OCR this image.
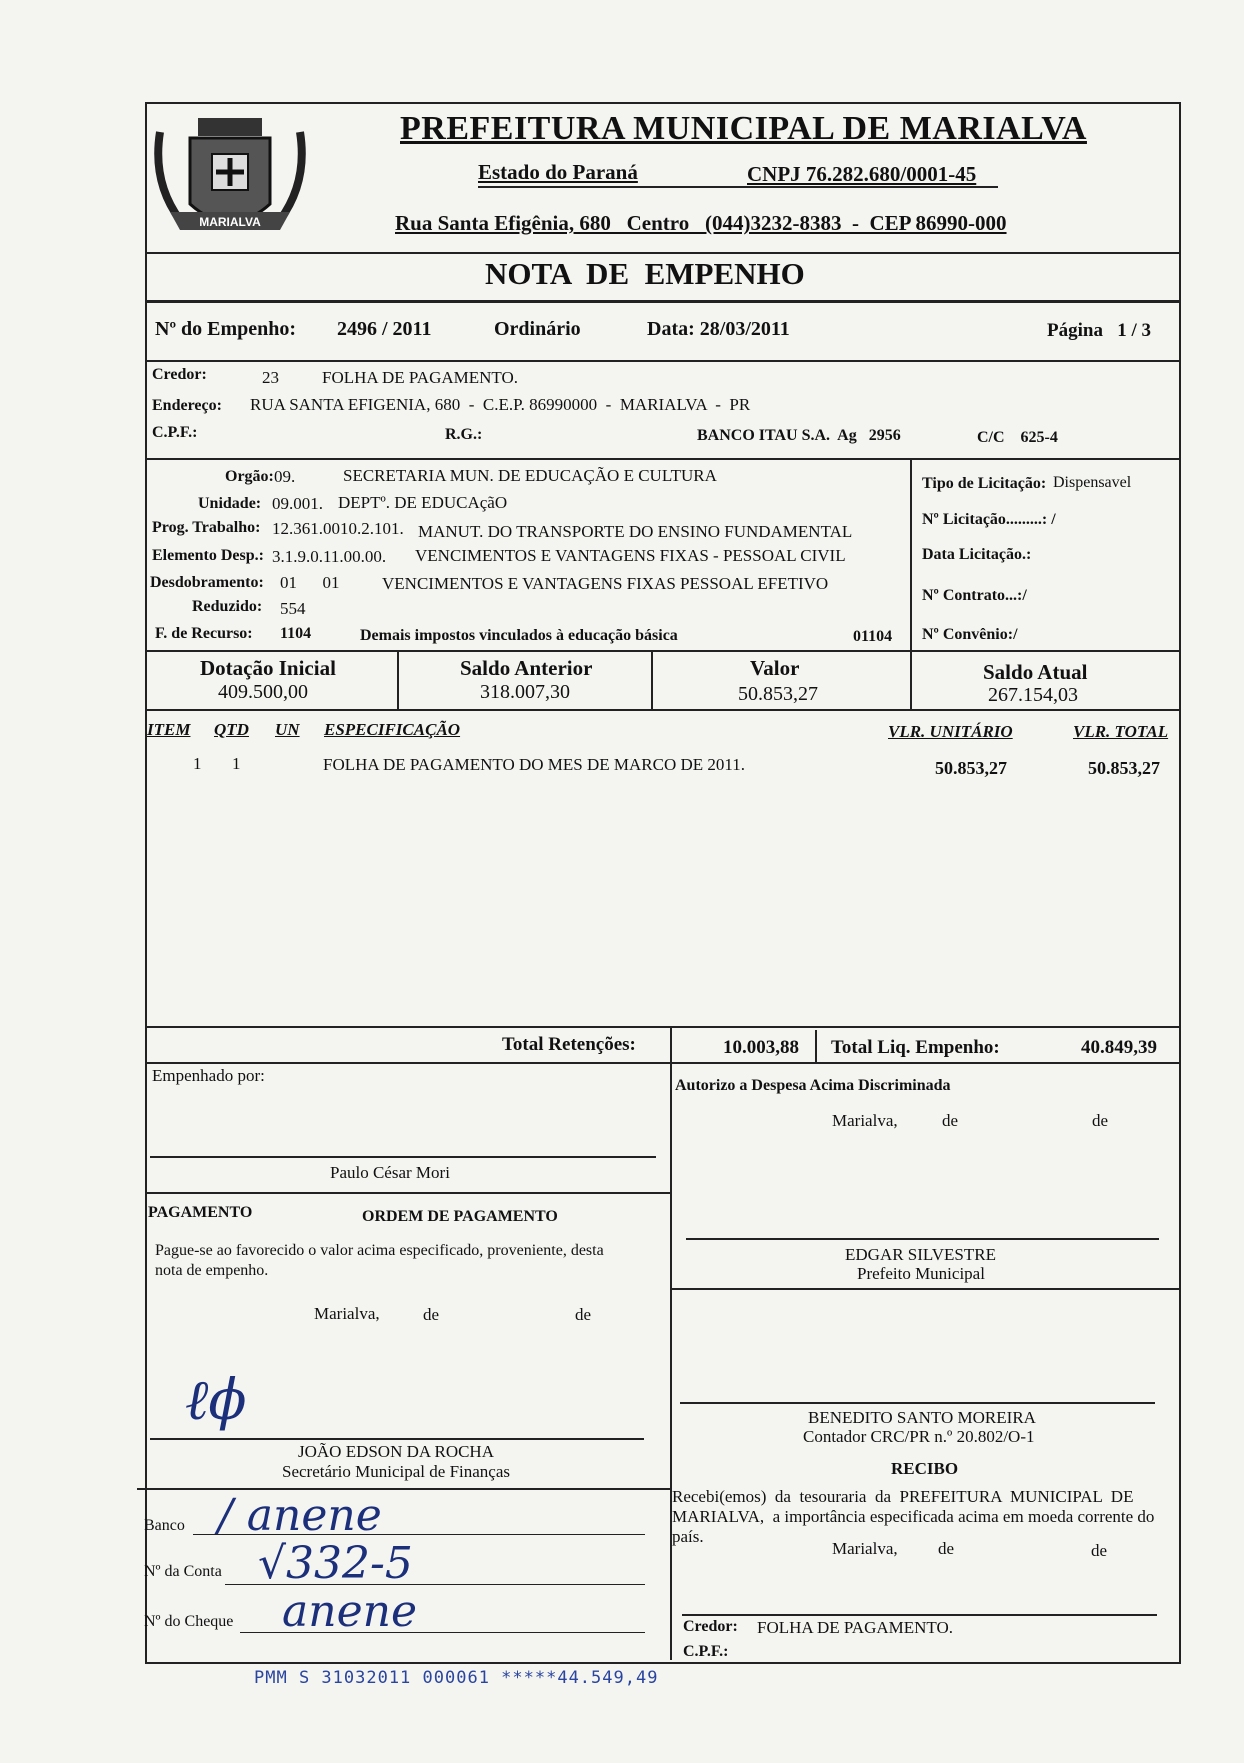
MARIALVA
PREFEITURA MUNICIPAL DE MARIALVA
Estado do Paraná	CNPJ 76.282.680/0001-45
Rua Santa Efigênia, 680   Centro   (044)3232-8383  -  CEP 86990-000
NOTA  DE  EMPENHO
Nº do Empenho: 2496 / 2011	Ordinário	Data: 28/03/2011	Página   1 / 3
Credor:	23	FOLHA DE PAGAMENTO.
Endereço: RUA SANTA EFIGENIA, 680  -  C.E.P. 86990000  -  MARIALVA  -  PR
C.P.F.:	R.G.:	BANCO ITAU S.A.  Ag   2956	C/C    625-4
Orgão: 09.	SECRETARIA MUN. DE EDUCAÇÃO E CULTURA
Unidade: 09.001. DEPTº. DE EDUCAçãO
Prog. Trabalho: 12.361.0010.2.101. MANUT. DO TRANSPORTE DO ENSINO FUNDAMENTAL
Elemento Desp.: 3.1.9.0.11.00.00. VENCIMENTOS E VANTAGENS FIXAS - PESSOAL CIVIL
Desdobramento: 01      01	VENCIMENTOS E VANTAGENS FIXAS PESSOAL EFETIVO
Reduzido: 554
F. de Recurso: 1104	Demais impostos vinculados à educação básica	01104
Tipo de Licitação: Dispensavel
Nº Licitação.........: /
Data Licitação.:
Nº Contrato...:/
Nº Convênio:/
Dotação Inicial
409.500,00
Saldo Anterior
318.007,30
Valor
50.853,27
Saldo Atual
267.154,03
ITEM QTD UN ESPECIFICAÇÃO	VLR. UNITÁRIO	VLR. TOTAL
1 1	FOLHA DE PAGAMENTO DO MES DE MARCO DE 2011.	50.853,27	50.853,27
Total Retenções:	10.003,88 Total Liq. Empenho:	40.849,39
Empenhado por:
Paulo César Mori
PAGAMENTO	ORDEM DE PAGAMENTO
Pague-se ao favorecido o valor acima especificado, proveniente, desta
nota de empenho.
Marialva,	de	de
ℓϕ
JOÃO EDSON DA ROCHA
Secretário Municipal de Finanças
Banco / anene
Nº da Conta √332-5
Nº do Cheque anene
Autorizo a Despesa Acima Discriminada
Marialva,	de	de
EDGAR SILVESTRE
Prefeito Municipal
BENEDITO SANTO MOREIRA
Contador CRC/PR n.º 20.802/O-1
RECIBO
Recebi(emos)  da  tesouraria  da  PREFEITURA  MUNICIPAL  DE
MARIALVA,  a importância especificada acima em moeda corrente do
país.
Marialva, de	de
Credor: FOLHA DE PAGAMENTO.
C.P.F.:
PMM S 31032011 000061 *****44.549,49
